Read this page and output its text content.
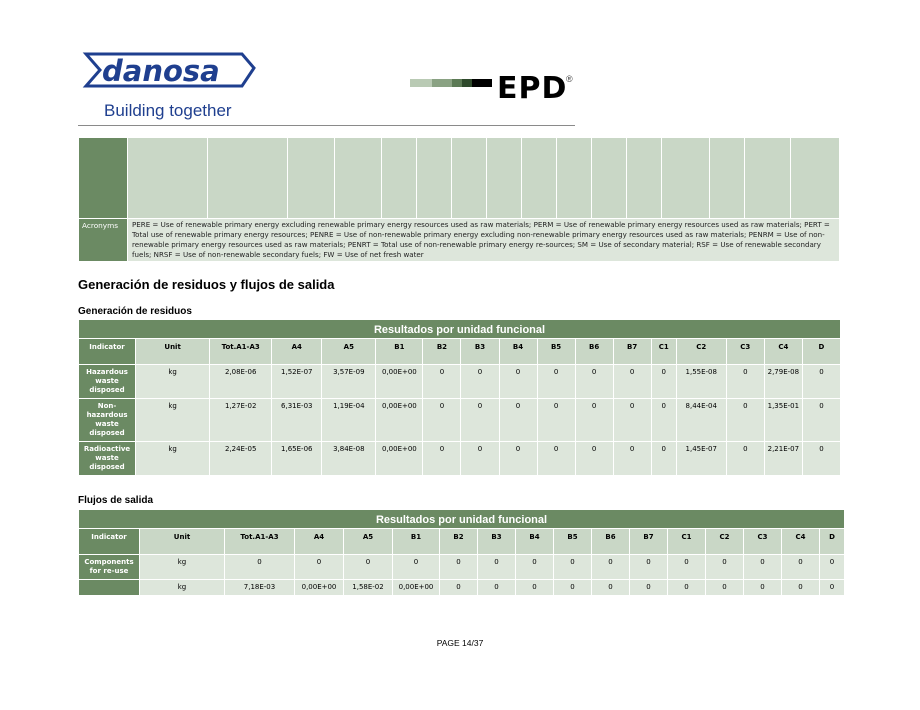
danosa
Building together
EPD
®

Acronyms	PERE = Use of renewable primary energy excluding renewable primary energy resources used as raw materials; PERM = Use of renewable primary energy resources used as raw materials; PERT = Total use of renewable primary energy resources; PENRE = Use of non-renewable primary energy excluding non-renewable primary energy resources used as raw materials; PENRM = Use of non-renewable primary energy resources used as raw materials; PENRT = Total use of non-renewable primary energy re-sources; SM = Use of secondary material; RSF = Use of renewable secondary fuels; NRSF = Use of non-renewable secondary fuels; FW = Use of net fresh water															
Generación de residuos y flujos de salida
Generación de residuos
Resultados por unidad funcional																
Indicator	Unit	Tot.A1-A3	A4	A5	B1	B2	B3	B4	B5	B6	B7	C1	C2	C3	C4	D
Hazardous waste disposed	kg	2,08E-06	1,52E-07	3,57E-09	0,00E+00	0	0	0	0	0	0	0	1,55E-08	0	2,79E-08	0
Non-hazardous waste disposed	kg	1,27E-02	6,31E-03	1,19E-04	0,00E+00	0	0	0	0	0	0	0	8,44E-04	0	1,35E-01	0
Radioactive waste disposed	kg	2,24E-05	1,65E-06	3,84E-08	0,00E+00	0	0	0	0	0	0	0	1,45E-07	0	2,21E-07	0
Flujos de salida
Resultados por unidad funcional																
Indicator	Unit	Tot.A1-A3	A4	A5	B1	B2	B3	B4	B5	B6	B7	C1	C2	C3	C4	D
Components for re-use	kg	0	0	0	0	0	0	0	0	0	0	0	0	0	0	0
	kg	7,18E-03	0,00E+00	1,58E-02	0,00E+00	0	0	0	0	0	0	0	0	0	0	0
PAGE 14/37
